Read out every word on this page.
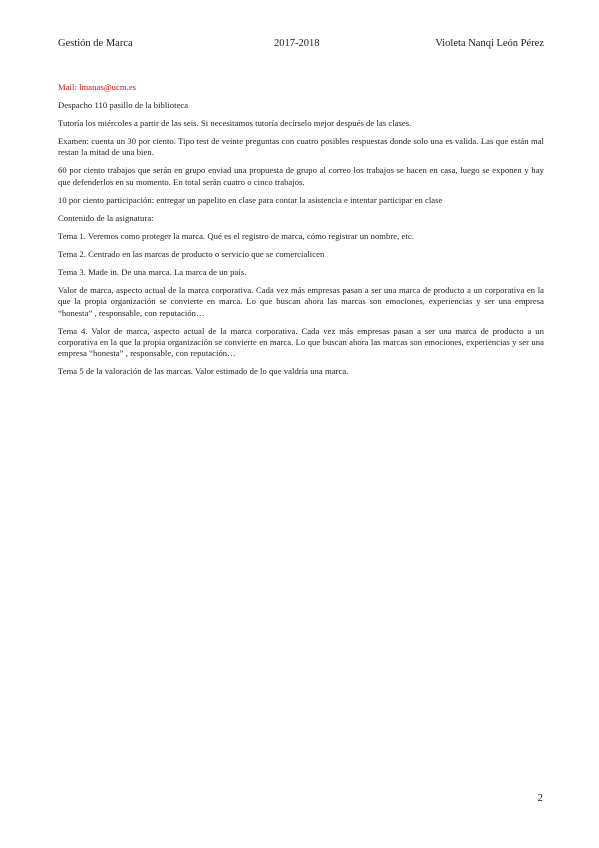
Gestión de Marca	2017-2018	Violeta Nanqi León Pérez

Mail: lmanas@ucm.es

Despacho 110 pasillo de la biblioteca

Tutoría los miércoles a partir de las seis. Si necesitamos tutoría decírselo mejor después de las clases.

Examen: cuenta un 30 por ciento. Tipo test de veinte preguntas con cuatro posibles respuestas donde solo una es valida. Las que están mal restan la mitad de una bien.

60 por ciento trabajos que serán en grupo enviad una propuesta de grupo al correo los trabajos se hacen en casa, luego se exponen y hay que defenderlos en su momento. En total serán cuatro o cinco trabajos.

10 por ciento participación: entregar un papelito en clase para contar la asistencia e intentar participar en clase

Contenido de la asignatura:

Tema 1. Veremos como proteger la marca. Qué es el registro de marca, cómo registrar un nombre, etc.

Tema 2. Centrado en las marcas de producto o servicio que se comercialicen

Tema 3. Made in. De una marca. La marca de un país.

Valor de marca, aspecto actual de la marca corporativa. Cada vez más empresas pasan a ser una marca de producto a un corporativa en la que la propia organización se convierte en marca. Lo que buscan ahora las marcas son emociones, experiencias y ser una empresa “honesta” , responsable, con reputación…

Tema 4. Valor de marca, aspecto actual de la marca corporativa. Cada vez más empresas pasan a ser una marca de producto a un corporativa en la que la propia organización se convierte en marca. Lo que buscan ahora las marcas son emociones, experiencias y ser una empresa “honesta” , responsable, con reputación…

Tema 5 de la valoración de las marcas. Valor estimado de lo que valdría una marca.

2
